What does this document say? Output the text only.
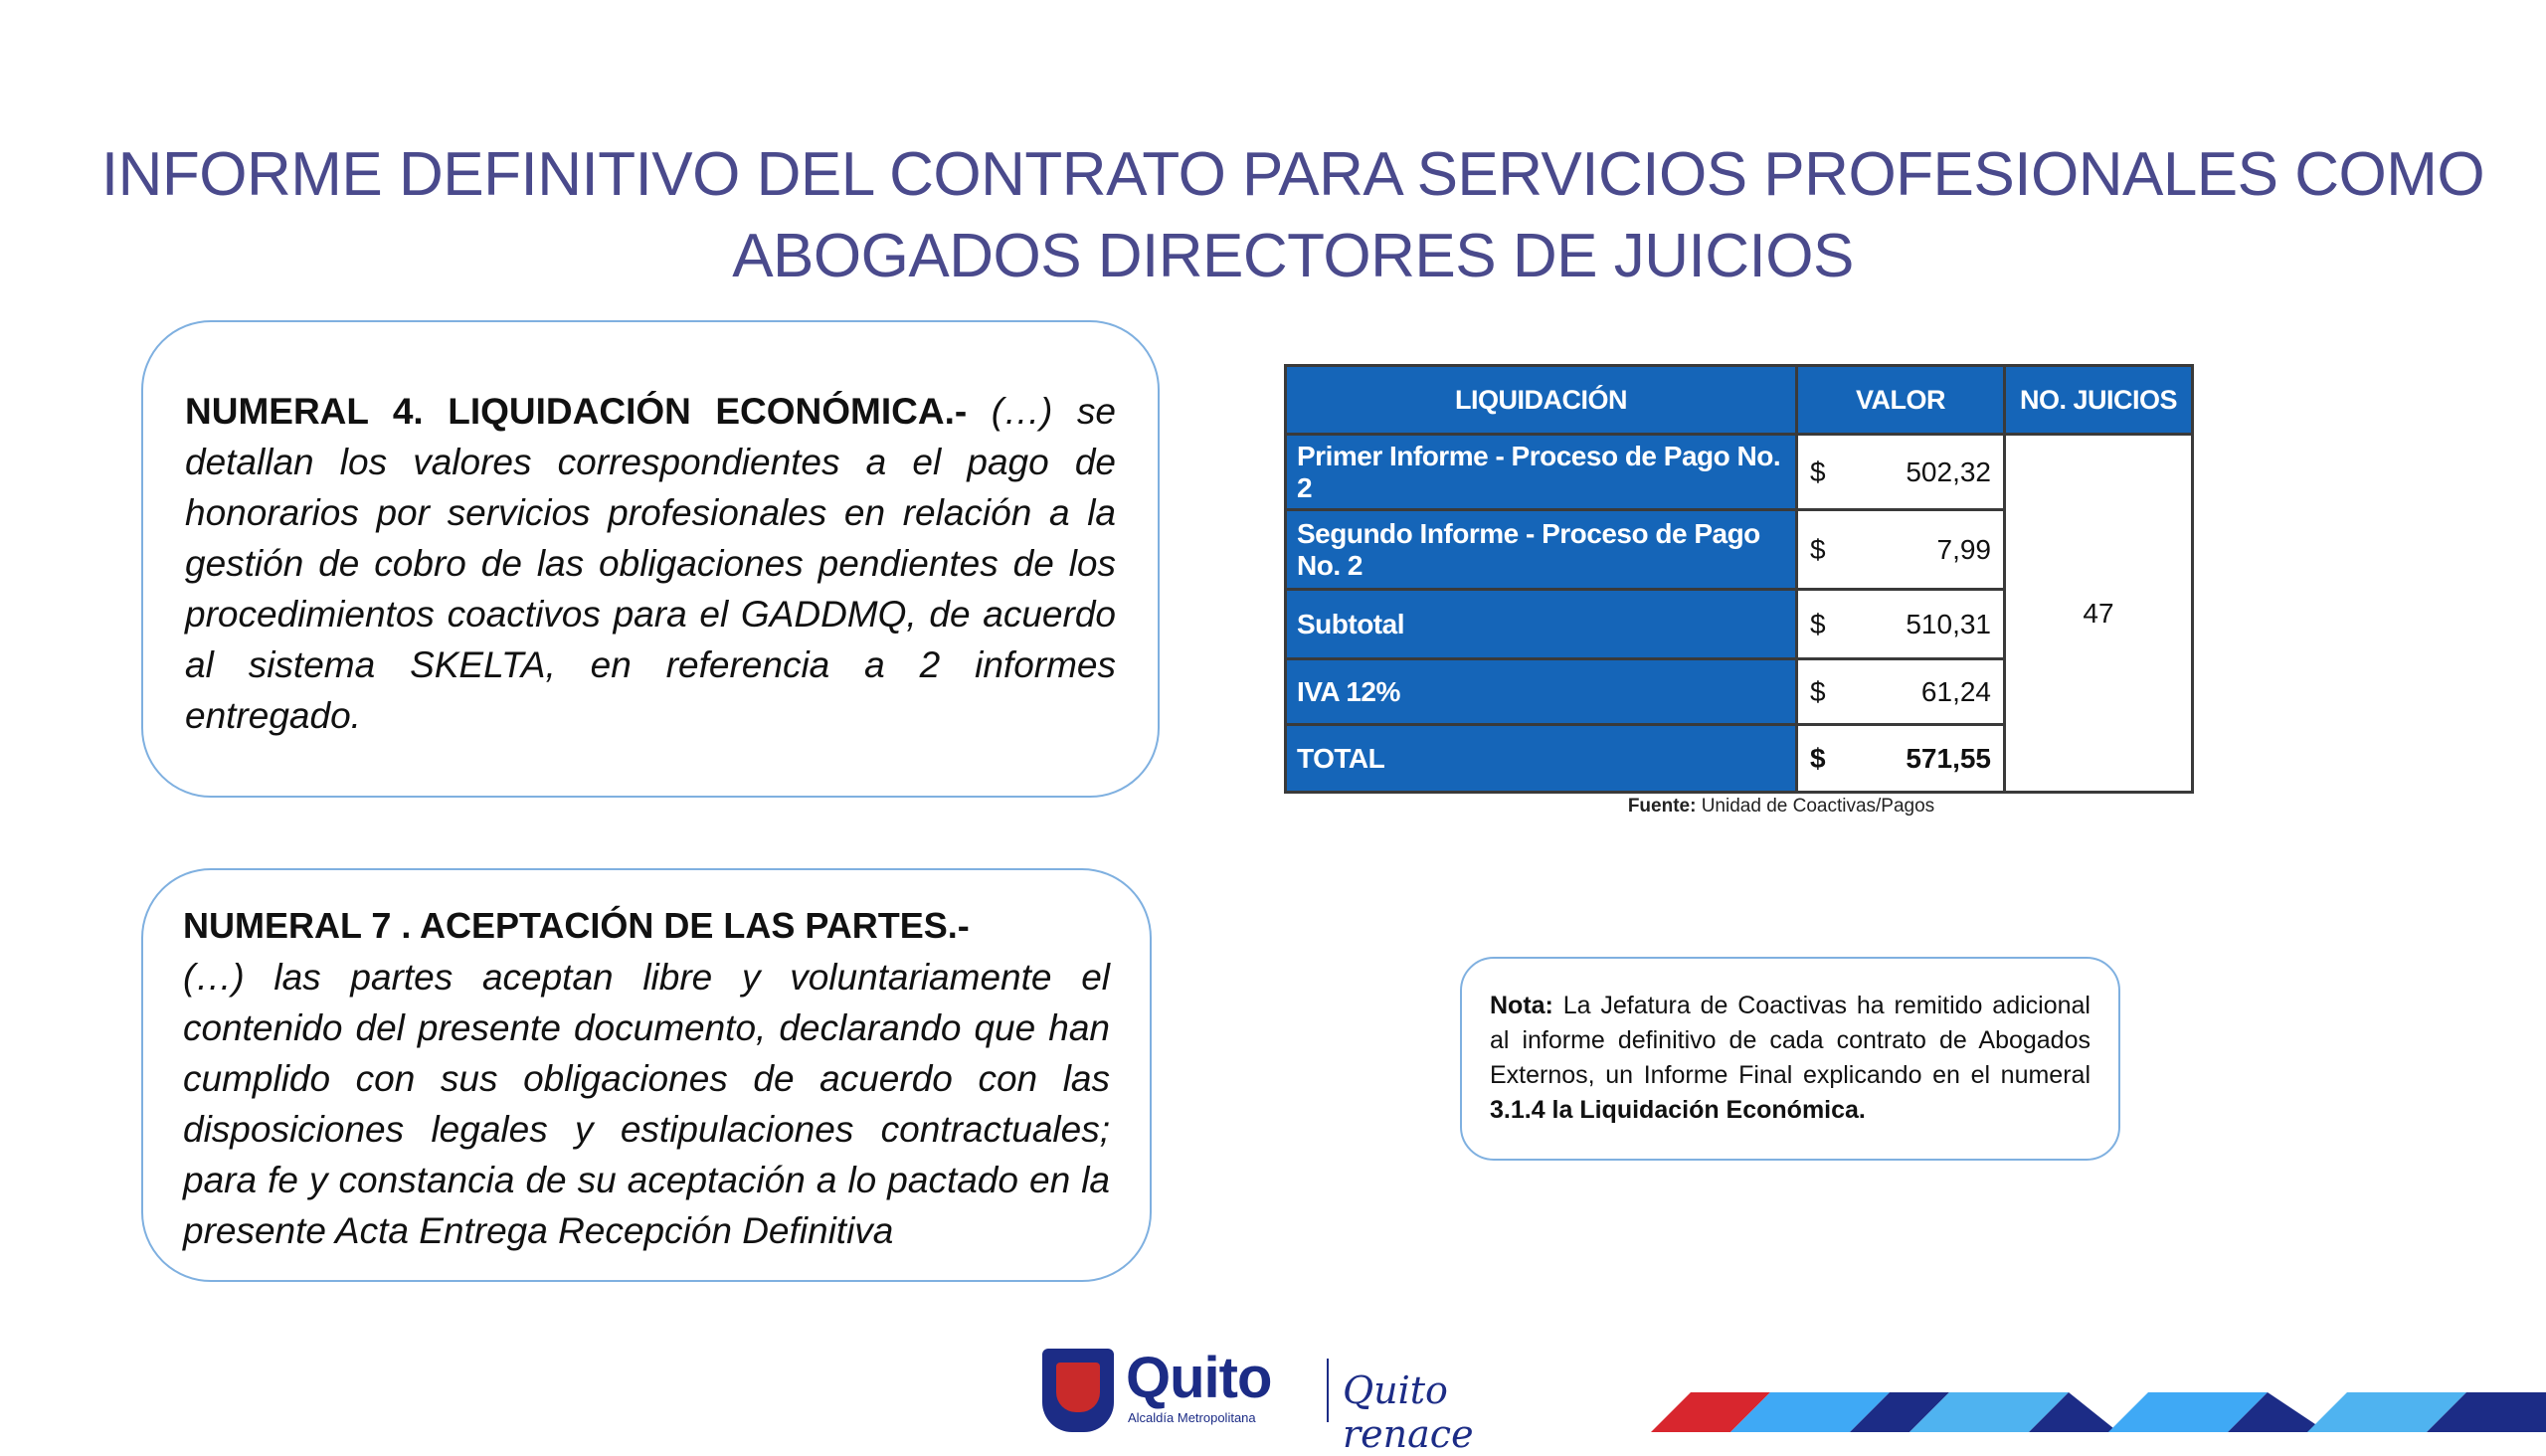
INFORME DEFINITIVO DEL CONTRATO PARA SERVICIOS PROFESIONALES COMO
ABOGADOS DIRECTORES DE JUICIOS
NUMERAL 4. LIQUIDACIÓN ECONÓMICA.- (…) se detallan los valores correspondientes a el pago de honorarios por servicios profesionales en relación a la gestión de cobro de las obligaciones pendientes de los procedimientos coactivos para el GADDMQ, de acuerdo al sistema SKELTA, en referencia a 2 informes entregado.
NUMERAL 7 . ACEPTACIÓN DE LAS PARTES.-
(…) las partes aceptan libre y voluntariamente el contenido del presente documento, declarando que han cumplido con sus obligaciones de acuerdo con las disposiciones legales y estipulaciones contractuales; para fe y constancia de su aceptación a lo pactado en la presente Acta Entrega Recepción Definitiva
LIQUIDACIÓN	VALOR	NO. JUICIOS
Primer Informe - Proceso de Pago No. 2	$ 502,32	47
Segundo Informe - Proceso de Pago No. 2	$ 7,99	

Subtotal	$ 510,31	

IVA 12%	$ 61,24	

TOTAL	$ 571,55	
Fuente: Unidad de Coactivas/Pagos
Nota: La Jefatura de Coactivas ha remitido adicional al informe definitivo de cada contrato de Abogados Externos, un Informe Final explicando en el numeral 3.1.4 la Liquidación Económica.
Quito
Alcaldía Metropolitana
Quito renace
